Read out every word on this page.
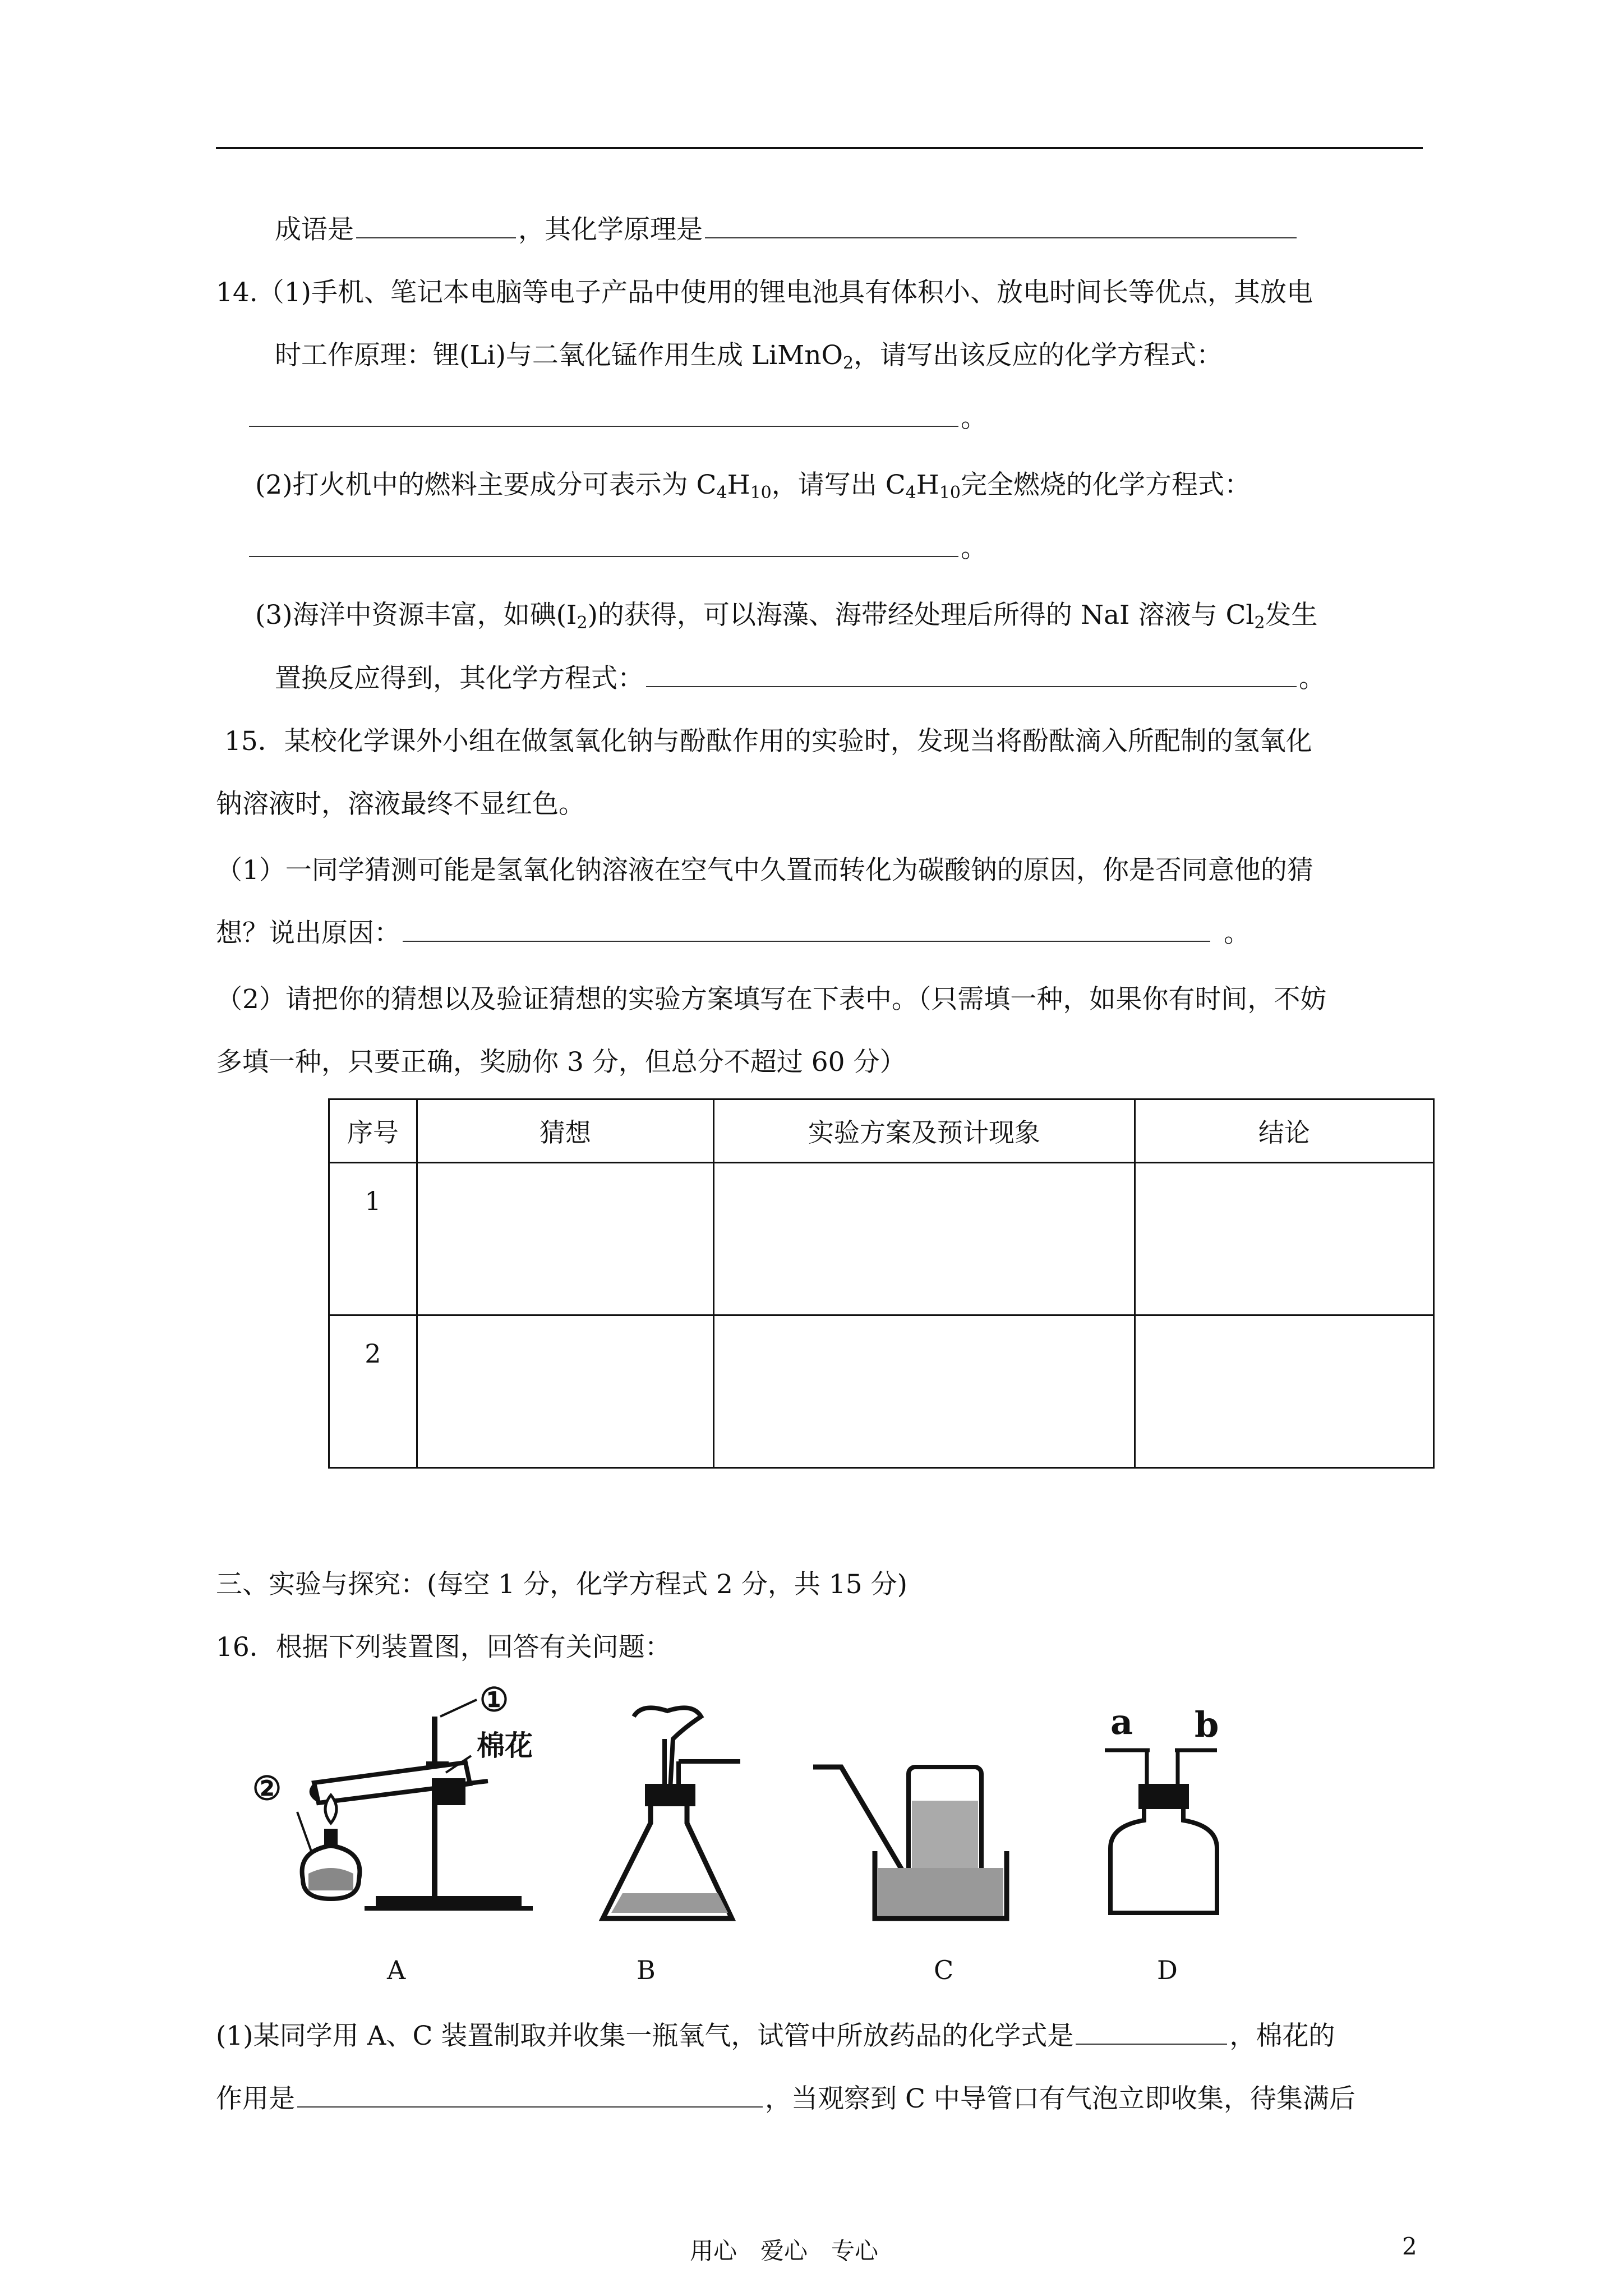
成语是	，其化学原理是
14.（1)手机、笔记本电脑等电子产品中使用的锂电池具有体积小、放电时间长等优点，其放电
时工作原理：锂(Li)与二氧化锰作用生成 LiMnO$_2$，请写出该反应的化学方程式：
。
(2)打火机中的燃料主要成分可表示为 $C_4H_{10}$，请写出 $C_4H_{10}$完全燃烧的化学方程式：
。
(3)海洋中资源丰富，如碘$(I_2)$的获得，可以海藻、海带经处理后所得的 NaI 溶液与 $Cl_2$发生
置换反应得到，其化学方程式：	。
15．某校化学课外小组在做氢氧化钠与酚酞作用的实验时，发现当将酚酞滴入所配制的氢氧化
钠溶液时，溶液最终不显红色。
（1）一同学猜测可能是氢氧化钠溶液在空气中久置而转化为碳酸钠的原因，你是否同意他的猜
想？说出原因：	。
（2）请把你的猜想以及验证猜想的实验方案填写在下表中。（只需填一种，如果你有时间，不妨
多填一种，只要正确，奖励你 3 分，但总分不超过 60 分）
序号	猜想	实验方案及预计现象	结论
1			
2			
三、实验与探究：(每空 1 分，化学方程式 2 分，共 15 分)
16．根据下列装置图，回答有关问题：
①
棉花
②
a b
A	B	C	D
(1)某同学用 A、C 装置制取并收集一瓶氧气，试管中所放药品的化学式是	，棉花的
作用是	，当观察到 C 中导管口有气泡立即收集，待集满后
用心　爱心　专心	2
